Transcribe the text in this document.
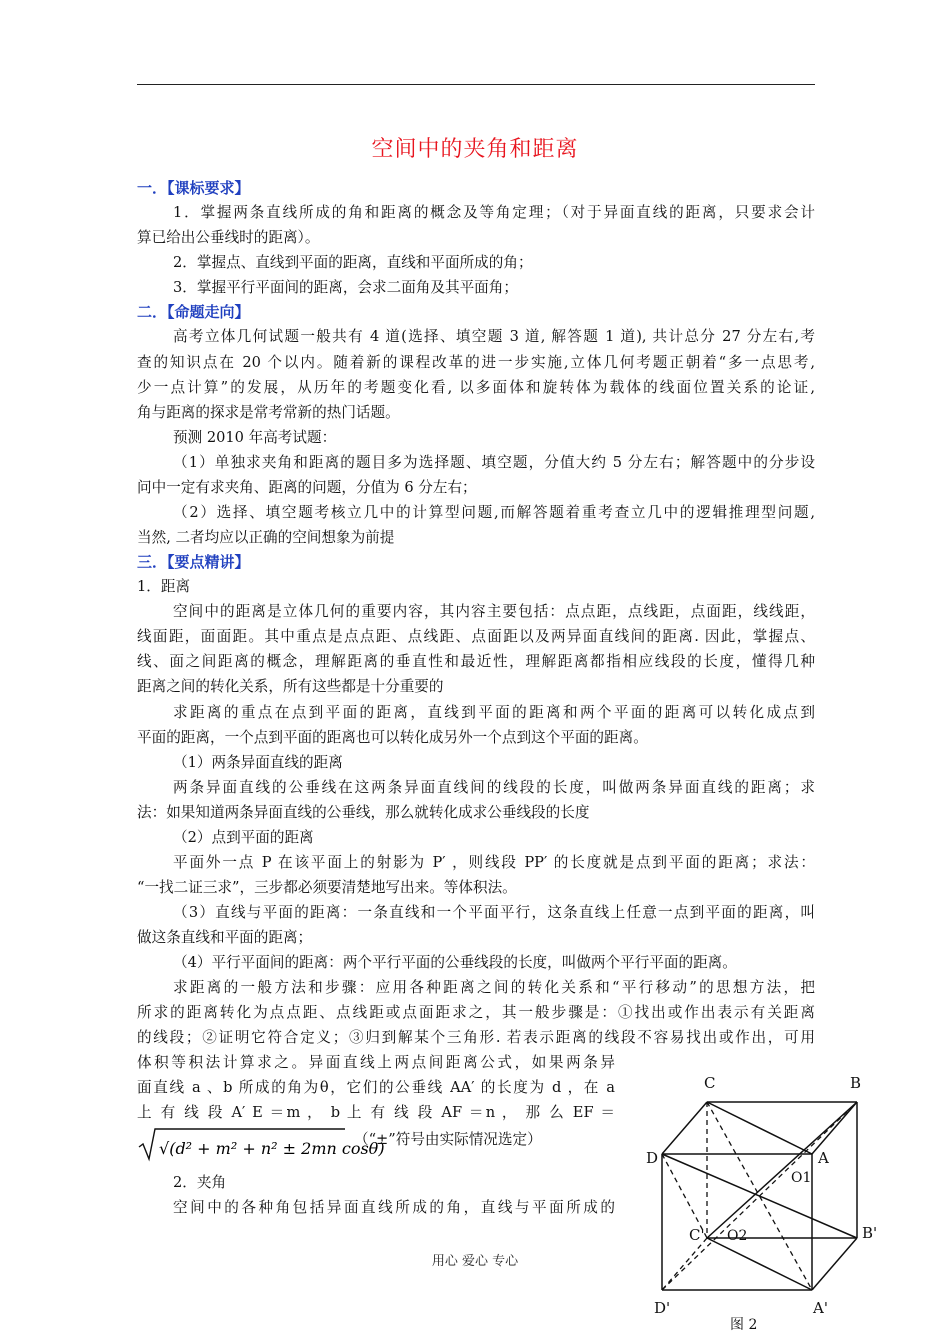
空间中的夹角和距离
一．【课标要求】
1．掌握两条直线所成的角和距离的概念及等角定理；（对于异面直线的距离，只要求会计
算已给出公垂线时的距离）。
2．掌握点、直线到平面的距离，直线和平面所成的角；
3．掌握平行平面间的距离，会求二面角及其平面角；
二．【命题走向】
高考立体几何试题一般共有 4 道(选择、填空题 3 道, 解答题 1 道), 共计总分 27 分左右,考
查的知识点在 20 个以内。随着新的课程改革的进一步实施,立体几何考题正朝着“多一点思考,
少一点计算”的发展，从历年的考题变化看, 以多面体和旋转体为载体的线面位置关系的论证,
角与距离的探求是常考常新的热门话题。
预测 2010 年高考试题：
（1）单独求夹角和距离的题目多为选择题、填空题，分值大约 5 分左右；解答题中的分步设
问中一定有求夹角、距离的问题，分值为 6 分左右；
（2）选择、填空题考核立几中的计算型问题,而解答题着重考查立几中的逻辑推理型问题,
当然, 二者均应以正确的空间想象为前提
三．【要点精讲】
1．距离
空间中的距离是立体几何的重要内容，其内容主要包括：点点距，点线距，点面距，线线距，
线面距，面面距。其中重点是点点距、点线距、点面距以及两异面直线间的距离. 因此，掌握点、
线、面之间距离的概念，理解距离的垂直性和最近性，理解距离都指相应线段的长度，懂得几种
距离之间的转化关系，所有这些都是十分重要的
求距离的重点在点到平面的距离，直线到平面的距离和两个平面的距离可以转化成点到
平面的距离，一个点到平面的距离也可以转化成另外一个点到这个平面的距离。
（1）两条异面直线的距离
两条异面直线的公垂线在这两条异面直线间的线段的长度，叫做两条异面直线的距离；求
法：如果知道两条异面直线的公垂线，那么就转化成求公垂线段的长度
（2）点到平面的距离
平面外一点 P 在该平面上的射影为 P′ ，则线段 PP′ 的长度就是点到平面的距离；求法：
“一找二证三求”，三步都必须要清楚地写出来。等体积法。
（3）直线与平面的距离：一条直线和一个平面平行，这条直线上任意一点到平面的距离，叫
做这条直线和平面的距离；
（4）平行平面间的距离：两个平行平面的公垂线段的长度，叫做两个平行平面的距离。
求距离的一般方法和步骤：应用各种距离之间的转化关系和“平行移动”的思想方法，把
所求的距离转化为点点距、点线距或点面距求之，其一般步骤是：①找出或作出表示有关距离
的线段；②证明它符合定义；③归到解某个三角形. 若表示距离的线段不容易找出或作出，可用
体积等积法计算求之。异面直线上两点间距离公式，如果两条异
面直线 a 、b 所成的角为θ，它们的公垂线 AA′ 的长度为 d ，在 a
上 有 线 段 A′ E ＝m ， b 上 有 线 段 AF ＝n ， 那 么 EF ＝
√(d² + m² + n² ± 2mn cosθ)
（“±”符号由实际情况选定）
2．夹角
空间中的各种角包括异面直线所成的角，直线与平面所成的
用心 爱心 专心
C	B
D	A
O1
C' O2	B'
D'	A'
图 2
